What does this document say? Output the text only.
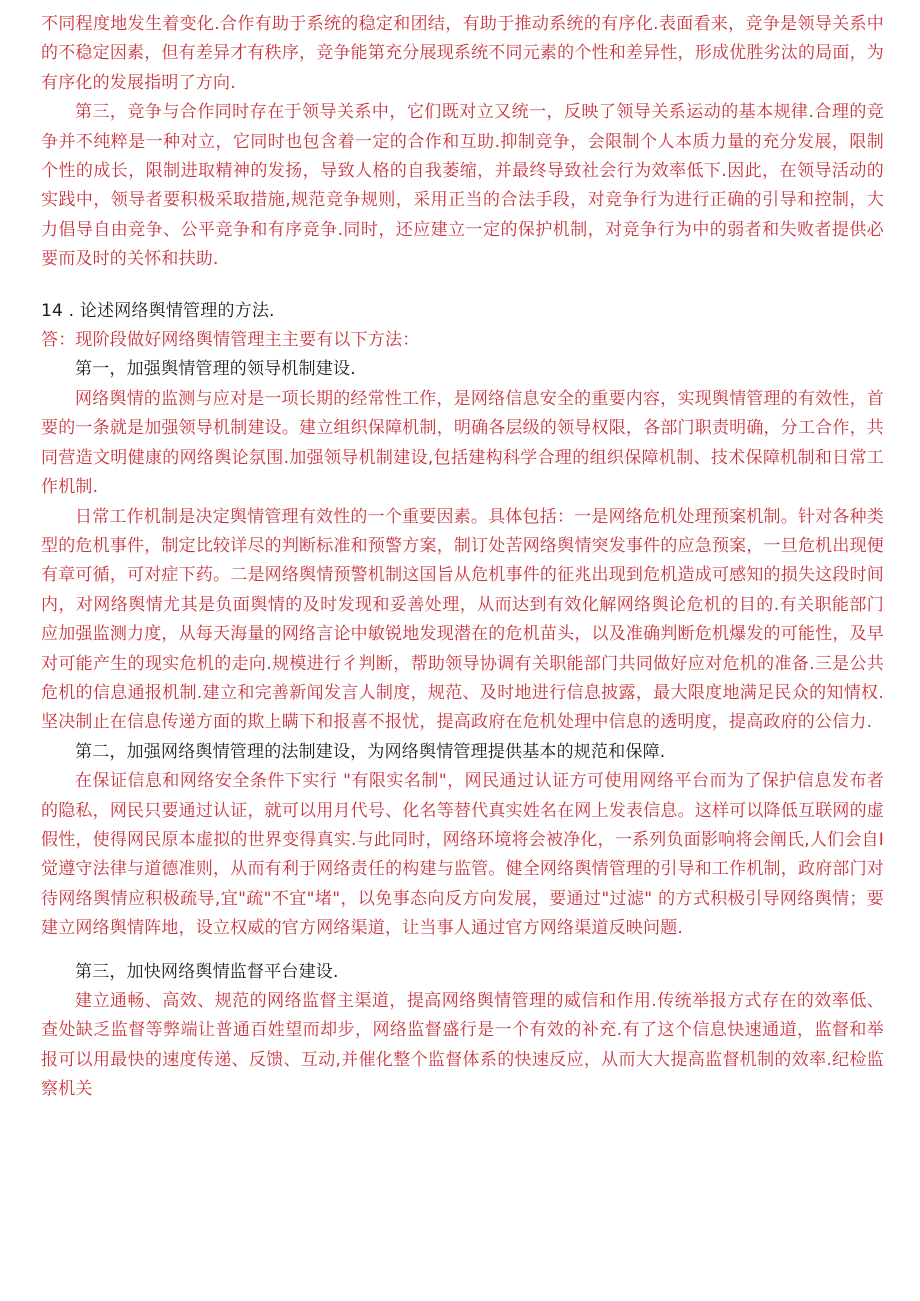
不同程度地发生着变化.合作有助于系统的稳定和团结，有助于推动系统的有序化.表面看来，竞争是领导关系中的不稳定因素，但有差异才有秩序，竞争能第充分展现系统不同元素的个性和差异性，形成优胜劣汰的局面，为有序化的发展指明了方向.

第三，竞争与合作同时存在于领导关系中，它们既对立又统一，反映了领导关系运动的基本规律.合理的竞争并不纯粹是一种对立，它同时也包含着一定的合作和互助.抑制竞争，会限制个人本质力量的充分发展，限制个性的成长，限制进取精神的发扬，导致人格的自我萎缩，并最终导致社会行为效率低下.因此，在领导活动的实践中，领导者要积极采取措施,规范竞争规则，采用正当的合法手段，对竞争行为进行正确的引导和控制，大力倡导自由竞争、公平竞争和有序竞争.同时，还应建立一定的保护机制，对竞争行为中的弱者和失败者提供必要而及时的关怀和扶助.

14 . 论述网络舆情管理的方法.

答：现阶段做好网络舆情管理主主要有以下方法：

第一，加强舆情管理的领导机制建设.

网络舆情的监测与应对是一项长期的经常性工作，是网络信息安全的重要内容，实现舆情管理的有效性，首要的一条就是加强领导机制建设。建立组织保障机制，明确各层级的领导权限，各部门职责明确，分工合作，共同营造文明健康的网络舆论氛围.加强领导机制建设,包括建构科学合理的组织保障机制、技术保障机制和日常工作机制.

日常工作机制是决定舆情管理有效性的一个重要因素。具体包括：一是网络危机处理预案机制。针对各种类型的危机事件，制定比较详尽的判断标准和预警方案，制订处苦网络舆情突发事件的应急预案，一旦危机出现便有章可循，可对症下药。二是网络舆情预警机制这国旨从危机事件的征兆出现到危机造成可感知的损失这段时间内，对网络舆情尤其是负面舆情的及时发现和妥善处理，从而达到有效化解网络舆论危机的目的.有关职能部门应加强监测力度，从每天海量的网络言论中敏锐地发现潜在的危机苗头，以及准确判断危机爆发的可能性，及早对可能产生的现实危机的走向.规模进行彳判断，帮助领导协调有关职能部门共同做好应对危机的准备.三是公共危机的信息通报机制.建立和完善新闻发言人制度，规范、及时地进行信息披露，最大限度地满足民众的知情权.坚决制止在信息传递方面的欺上瞒下和报喜不报忧，提高政府在危机处理中信息的透明度，提高政府的公信力.

第二，加强网络舆情管理的法制建设，为网络舆情管理提供基本的规范和保障.

在保证信息和网络安全条件下实行 "有限实名制"，网民通过认证方可使用网络平台而为了保护信息发布者的隐私，网民只要通过认证，就可以用月代号、化名等替代真实姓名在网上发表信息。这样可以降低互联网的虚假性，使得网民原本虚拟的世界变得真实.与此同时，网络环境将会被净化，一系列负面影响将会阐氏,人们会自I觉遵守法律与道德准则，从而有利于网络责任的构建与监管。健全网络舆情管理的引导和工作机制，政府部门对待网络舆情应积极疏导,宜"疏"不宜"堵"，以免事态向反方向发展，要通过"过滤" 的方式积极引导网络舆情；要建立网络舆情阵地，设立权威的官方网络渠道，让当事人通过官方网络渠道反映问题.

第三，加快网络舆情监督平台建设.

建立通畅、高效、规范的网络监督主渠道，提高网络舆情管理的威信和作用.传统举报方式存在的效率低、查处缺乏监督等弊端让普通百姓望而却步，网络监督盛行是一个有效的补充.有了这个信息快速通道，监督和举报可以用最快的速度传递、反馈、互动,并催化整个监督体系的快速反应，从而大大提高监督机制的效率.纪检监察机关
